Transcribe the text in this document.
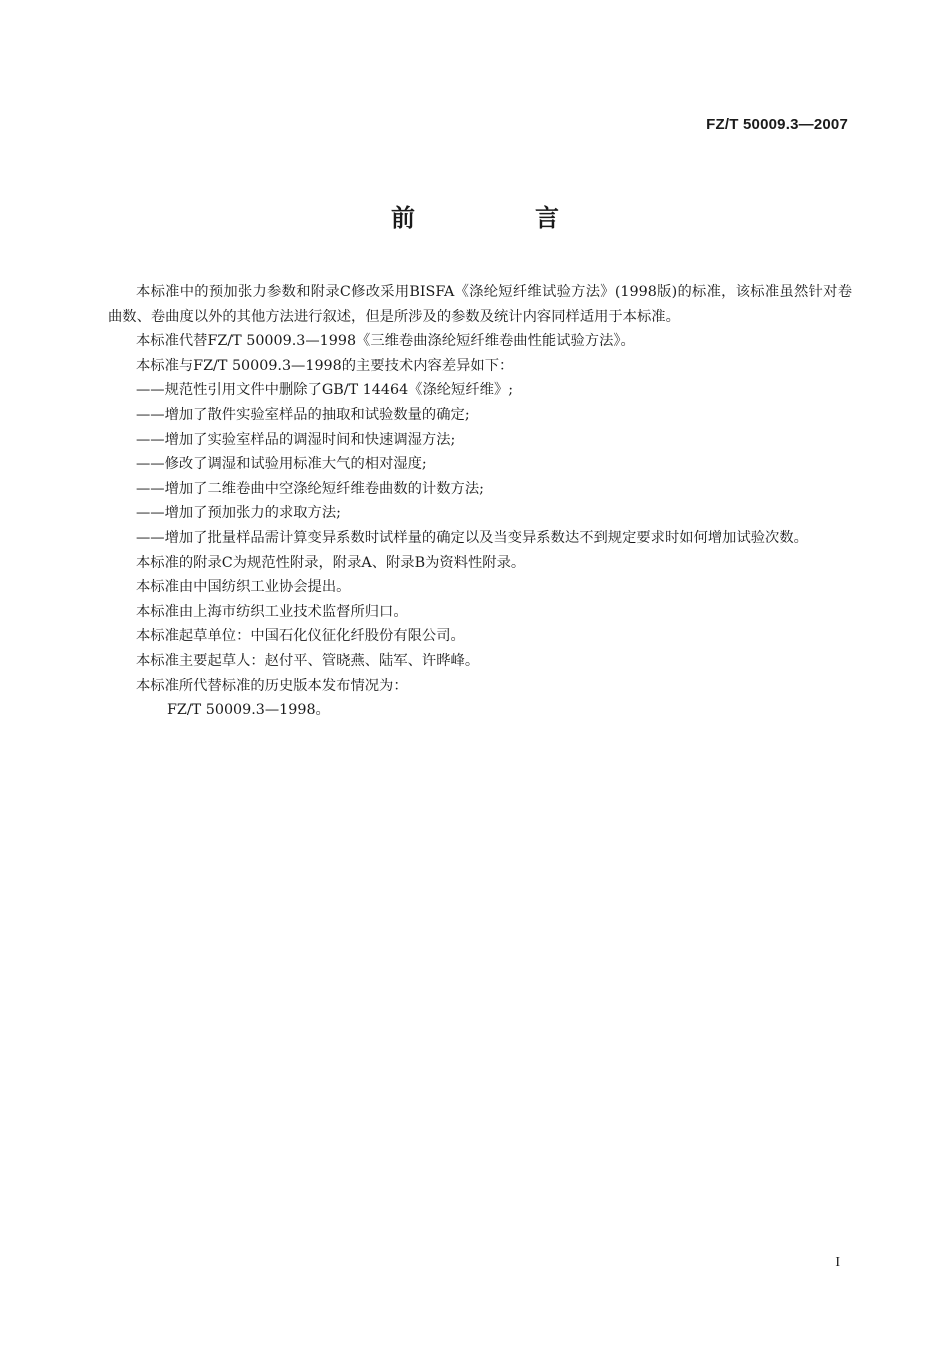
FZ/T 50009.3—2007
前　言

本标准中的预加张力参数和附录C修改采用BISFA《涤纶短纤维试验方法》(1998版)的标准，该标准虽然针对卷曲数、卷曲度以外的其他方法进行叙述，但是所涉及的参数及统计内容同样适用于本标准。

本标准代替FZ/T 50009.3—1998《三维卷曲涤纶短纤维卷曲性能试验方法》。

本标准与FZ/T 50009.3—1998的主要技术内容差异如下：

——规范性引用文件中删除了GB/T 14464《涤纶短纤维》;

——增加了散件实验室样品的抽取和试验数量的确定;

——增加了实验室样品的调湿时间和快速调湿方法;

——修改了调湿和试验用标准大气的相对湿度;

——增加了二维卷曲中空涤纶短纤维卷曲数的计数方法;

——增加了预加张力的求取方法;

——增加了批量样品需计算变异系数时试样量的确定以及当变异系数达不到规定要求时如何增加试验次数。

本标准的附录C为规范性附录，附录A、附录B为资料性附录。

本标准由中国纺织工业协会提出。

本标准由上海市纺织工业技术监督所归口。

本标准起草单位：中国石化仪征化纤股份有限公司。

本标准主要起草人：赵付平、管晓燕、陆军、许晔峰。

本标准所代替标准的历史版本发布情况为：

FZ/T 50009.3—1998。

I
